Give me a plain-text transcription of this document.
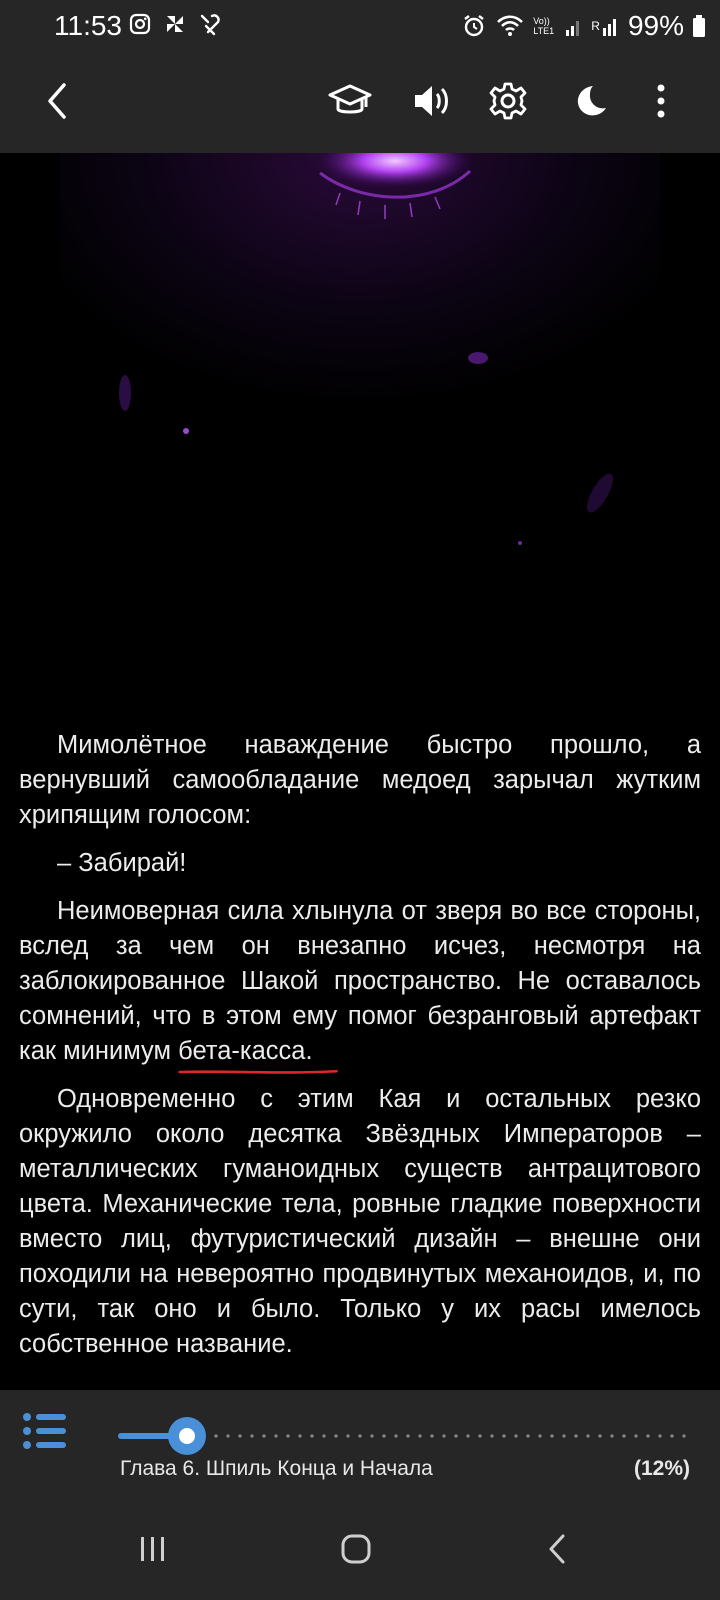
11:53	Vo)) LTE1	R 99%

Мимолётное наваждение быстро прошло, а вернувший самообладание медоед зарычал жутким хрипящим голосом:

– Забирай!

Неимоверная сила хлынула от зверя во все стороны, вслед за чем он внезапно исчез, несмотря на заблокированное Шакой пространство. Не оставалось сомнений, что в этом ему помог безранговый артефакт как минимум бета-касса
.

Одновременно с этим Кая и остальных резко окружило около десятка Звёздных Императоров – металлических гуманоидных существ антрацитового цвета. Механические тела, ровные гладкие поверхности вместо лиц, футуристический дизайн – внешне они походили на невероятно продвинутых механоидов, и, по сути, так оно и было. Только у их расы имелось собственное название.

Глава 6. Шпиль Конца и Начала	(12%)
